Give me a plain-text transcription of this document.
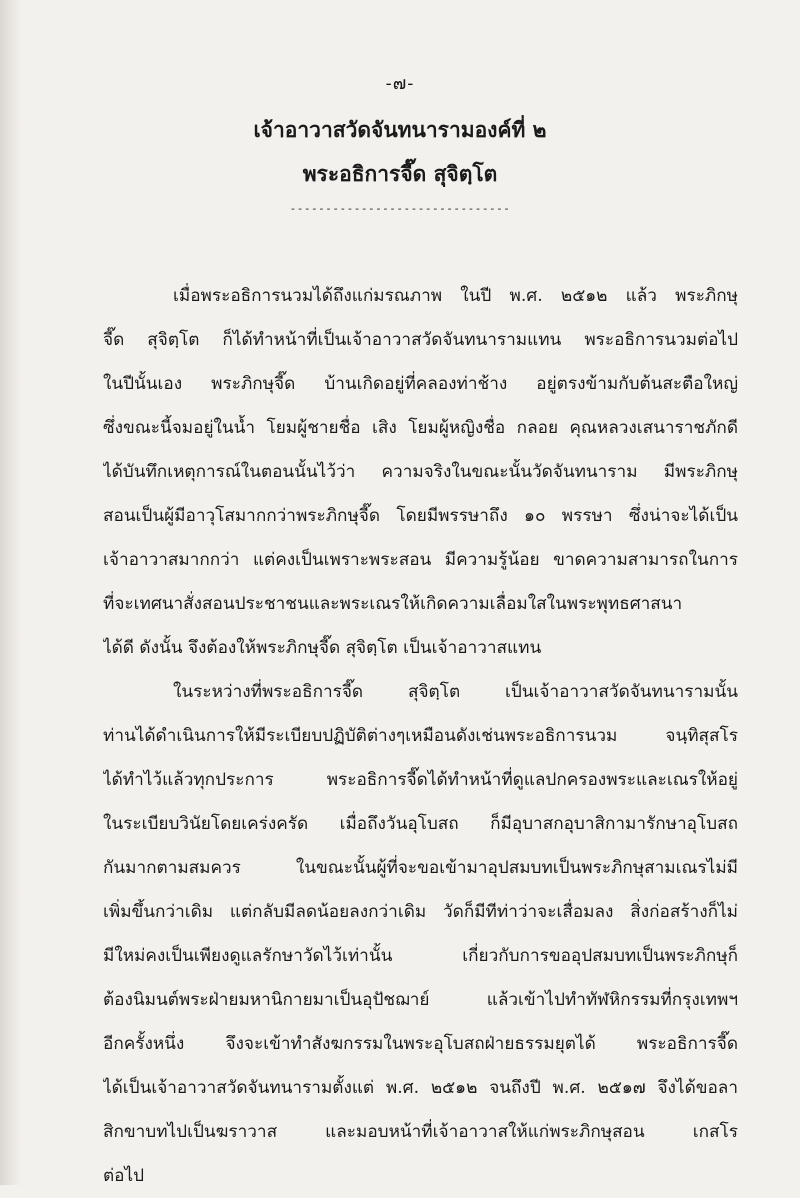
-๗-
เจ้าอาวาสวัดจันทนารามองค์ที่ ๒
พระอธิการจี๊ด สุจิตฺโต
-------------------------------
เมื่อพระอธิการนวมได้ถึงแก่มรณภาพ ในปี พ.ศ. ๒๕๑๒ แล้ว พระภิกษุ
จี๊ด สุจิตฺโต ก็ได้ทำหน้าที่เป็นเจ้าอาวาสวัดจันทนารามแทน พระอธิการนวมต่อไป
ในปีนั้นเอง พระภิกษุจี๊ด บ้านเกิดอยู่ที่คลองท่าช้าง อยู่ตรงข้ามกับต้นสะตือใหญ่
ซึ่งขณะนี้จมอยู่ในน้ำ โยมผู้ชายชื่อ เสิง โยมผู้หญิงชื่อ กลอย คุณหลวงเสนาราชภักดี
ได้บันทึกเหตุการณ์ในตอนนั้นไว้ว่า ความจริงในขณะนั้นวัดจันทนาราม มีพระภิกษุ
สอนเป็นผู้มีอาวุโสมากกว่าพระภิกษุจี๊ด โดยมีพรรษาถึง ๑๐ พรรษา ซึ่งน่าจะได้เป็น
เจ้าอาวาสมากกว่า แต่คงเป็นเพราะพระสอน มีความรู้น้อย ขาดความสามารถในการ
ที่จะเทศนาสั่งสอนประชาชนและพระเณรให้เกิดความเลื่อมใสในพระพุทธศาสนา
ได้ดี ดังนั้น จึงต้องให้พระภิกษุจี๊ด สุจิตฺโต เป็นเจ้าอาวาสแทน
ในระหว่างที่พระอธิการจี๊ด สุจิตฺโต เป็นเจ้าอาวาสวัดจันทนารามนั้น
ท่านได้ดำเนินการให้มีระเบียบปฏิบัติต่างๆเหมือนดังเช่นพระอธิการนวม จนฺทิสุสโร
ได้ทำไว้แล้วทุกประการ พระอธิการจี๊ดได้ทำหน้าที่ดูแลปกครองพระและเณรให้อยู่
ในระเบียบวินัยโดยเคร่งครัด เมื่อถึงวันอุโบสถ ก็มีอุบาสกอุบาสิกามารักษาอุโบสถ
กันมากตามสมควร ในขณะนั้นผู้ที่จะขอเข้ามาอุปสมบทเป็นพระภิกษุสามเณรไม่มี
เพิ่มขึ้นกว่าเดิม แต่กลับมีลดน้อยลงกว่าเดิม วัดก็มีทีท่าว่าจะเสื่อมลง สิ่งก่อสร้างก็ไม่
มีใหม่คงเป็นเพียงดูแลรักษาวัดไว้เท่านั้น เกี่ยวกับการขออุปสมบทเป็นพระภิกษุก็
ต้องนิมนต์พระฝ่ายมหานิกายมาเป็นอุปัชฌาย์ แล้วเข้าไปทำทัฬหิกรรมที่กรุงเทพฯ
อีกครั้งหนึ่ง จึงจะเข้าทำสังฆกรรมในพระอุโบสถฝ่ายธรรมยุตได้ พระอธิการจี๊ด
ได้เป็นเจ้าอาวาสวัดจันทนารามตั้งแต่ พ.ศ. ๒๕๑๒ จนถึงปี พ.ศ. ๒๕๑๗ จึงได้ขอลา
สิกขาบทไปเป็นฆราวาส และมอบหน้าที่เจ้าอาวาสให้แก่พระภิกษุสอน เกสโร
ต่อไป
